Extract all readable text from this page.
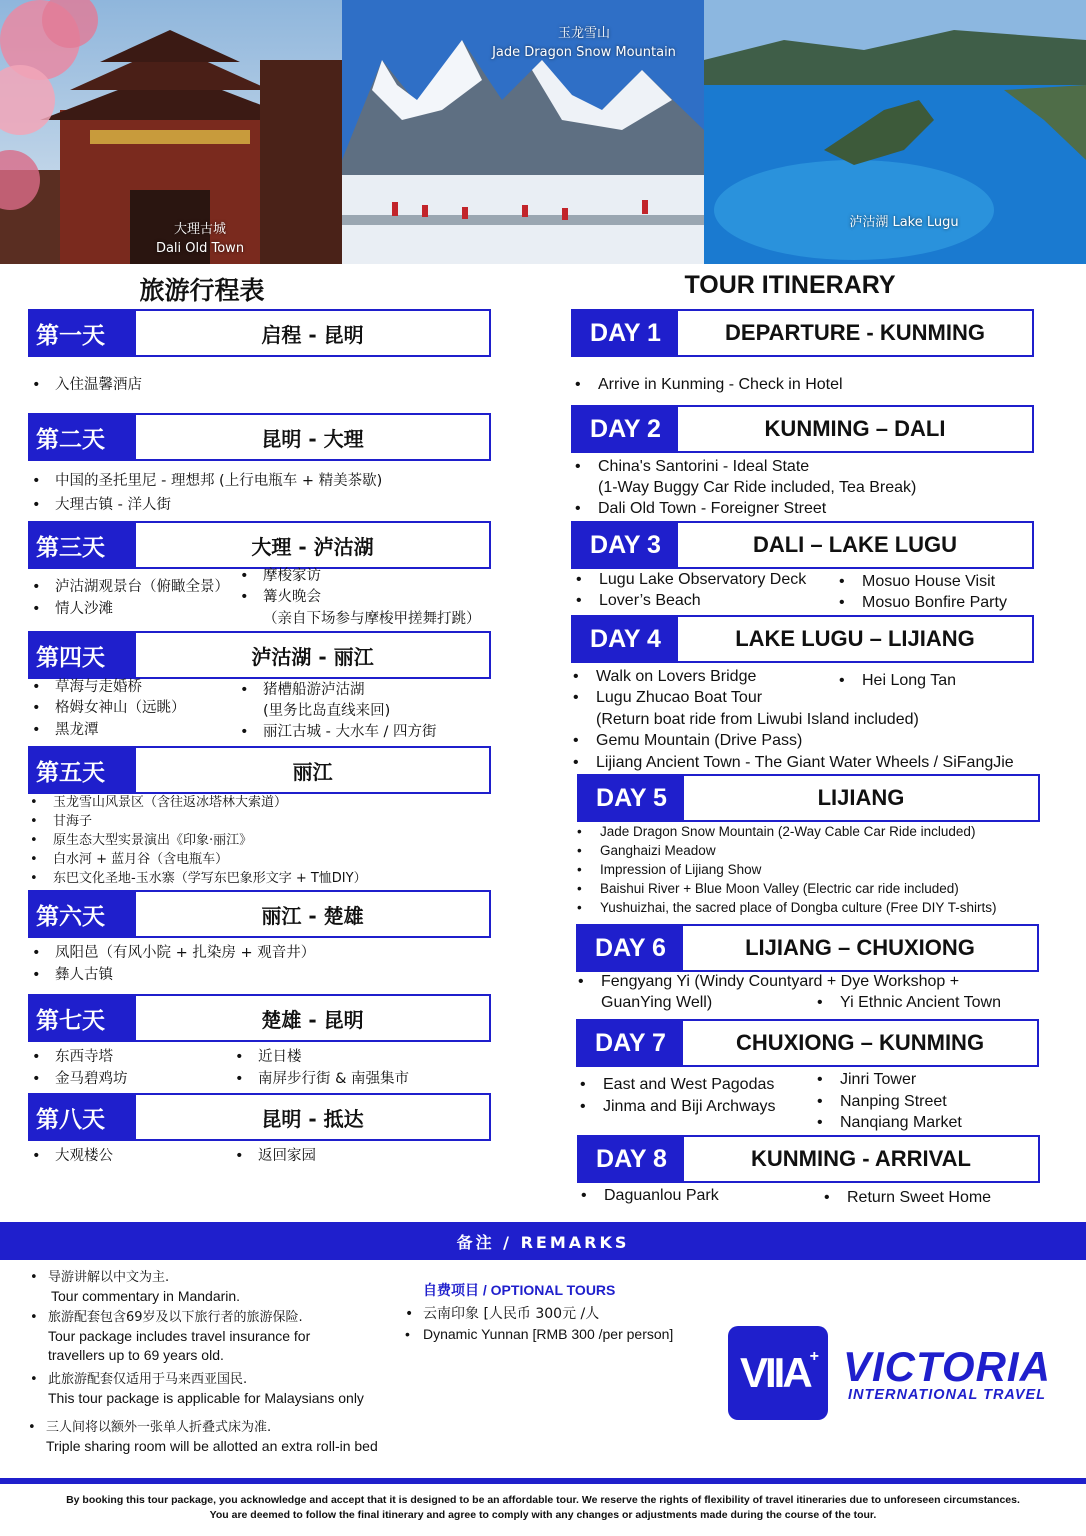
大理古城
Dali Old Town
玉龙雪山
Jade Dragon Snow Mountain
泸沽湖 Lake Lugu
旅游行程表	TOUR ITINERARY
第一天	启程 - 昆明
• 入住温馨酒店
第二天	昆明 - 大理
• 中国的圣托里尼 - 理想邦 (上行电瓶车 + 精美茶歇)
• 大理古镇 - 洋人街
第三天	大理 - 泸沽湖
• 泸沽湖观景台（俯瞰全景）
• 情人沙滩
• 摩梭家访
• 篝火晚会
（亲自下场参与摩梭甲搓舞打跳）
第四天	泸沽湖 - 丽江
• 草海与走婚桥
• 格姆女神山（远眺）
• 黑龙潭
• 猪槽船游泸沽湖
(里务比岛直线来回)
• 丽江古城 - 大水车 / 四方街
第五天	丽江
• 玉龙雪山风景区（含往返冰塔林大索道）
• 甘海子
• 原生态大型实景演出《印象·丽江》
• 白水河 + 蓝月谷（含电瓶车）
• 东巴文化圣地-玉水寨（学写东巴象形文字 + T恤DIY）
第六天	丽江 - 楚雄
• 凤阳邑（有风小院 + 扎染房 + 观音井）
• 彝人古镇
第七天	楚雄 - 昆明
• 东西寺塔
• 金马碧鸡坊
• 近日楼
• 南屏步行街 & 南强集市
第八天	昆明 - 抵达
• 大观楼公	• 返回家园
DAY 1	DEPARTURE - KUNMING
• Arrive in Kunming - Check in Hotel
DAY 2	KUNMING – DALI
• China's Santorini - Ideal State
(1-Way Buggy Car Ride included, Tea Break)
• Dali Old Town - Foreigner Street
DAY 3	DALI – LAKE LUGU
• Lugu Lake Observatory Deck
• Lover’s Beach
• Mosuo House Visit
• Mosuo Bonfire Party
DAY 4	LAKE LUGU – LIJIANG
• Walk on Lovers Bridge
• Lugu Zhucao Boat Tour
(Return boat ride from Liwubi Island included)
• Gemu Mountain (Drive Pass)
• Lijiang Ancient Town - The Giant Water Wheels / SiFangJie
• Hei Long Tan
DAY 5	LIJIANG
• Jade Dragon Snow Mountain (2-Way Cable Car Ride included)
• Ganghaizi Meadow
• Impression of Lijiang Show
• Baishui River + Blue Moon Valley (Electric car ride included)
• Yushuizhai, the sacred place of Dongba culture (Free DIY T-shirts)
DAY 6	LIJIANG – CHUXIONG
• Fengyang Yi (Windy Countyard + Dye Workshop +
GuanYing Well)	• Yi Ethnic Ancient Town
DAY 7	CHUXIONG – KUNMING
• East and West Pagodas
• Jinma and Biji Archways
• Jinri Tower
• Nanping Street
• Nanqiang Market
DAY 8	KUNMING - ARRIVAL
• Daguanlou Park	• Return Sweet Home
备注 / REMARKS
• 导游讲解以中文为主.
Tour commentary in Mandarin.
• 旅游配套包含69岁及以下旅行者的旅游保险.
Tour package includes travel insurance for
travellers up to 69 years old.
• 此旅游配套仅适用于马来西亚国民.
This tour package is applicable for Malaysians only
• 三人间将以额外一张单人折叠式床为准.
Triple sharing room will be allotted an extra roll-in bed
自费项目 / OPTIONAL TOURS
• 云南印象 [人民币 300元 /人
• Dynamic Yunnan [RMB 300 /per person]
VIIA+ VICTORIA
INTERNATIONAL TRAVEL
By booking this tour package, you acknowledge and accept that it is designed to be an affordable tour. We reserve the rights of flexibility of travel itineraries due to unforeseen circumstances.
You are deemed to follow the final itinerary and agree to comply with any changes or adjustments made during the course of the tour.
